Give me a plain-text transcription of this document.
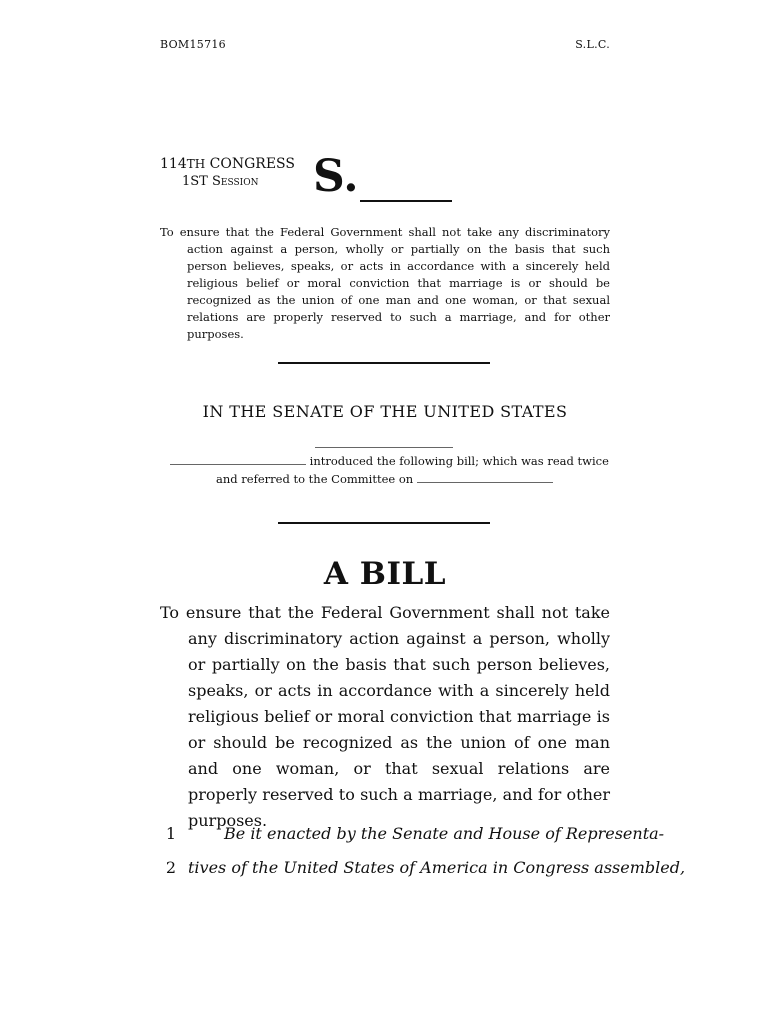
BOM15716	S.L.C.
114TH CONGRESS
1ST Session	S.
To ensure that the Federal Government shall not take any discriminatory action against a person, wholly or partially on the basis that such person believes, speaks, or acts in accordance with a sincerely held religious belief or moral conviction that marriage is or should be recognized as the union of one man and one woman, or that sexual relations are properly reserved to such a marriage, and for other purposes.
IN THE SENATE OF THE UNITED STATES
introduced the following bill; which was read twice
and referred to the Committee on
A BILL
To ensure that the Federal Government shall not take any discriminatory action against a person, wholly or partially on the basis that such person believes, speaks, or acts in accordance with a sincerely held religious belief or moral conviction that marriage is or should be recognized as the union of one man and one woman, or that sexual relations are properly reserved to such a marriage, and for other purposes.
1	Be it enacted by the Senate and House of Representa-
2 tives of the United States of America in Congress assembled,
